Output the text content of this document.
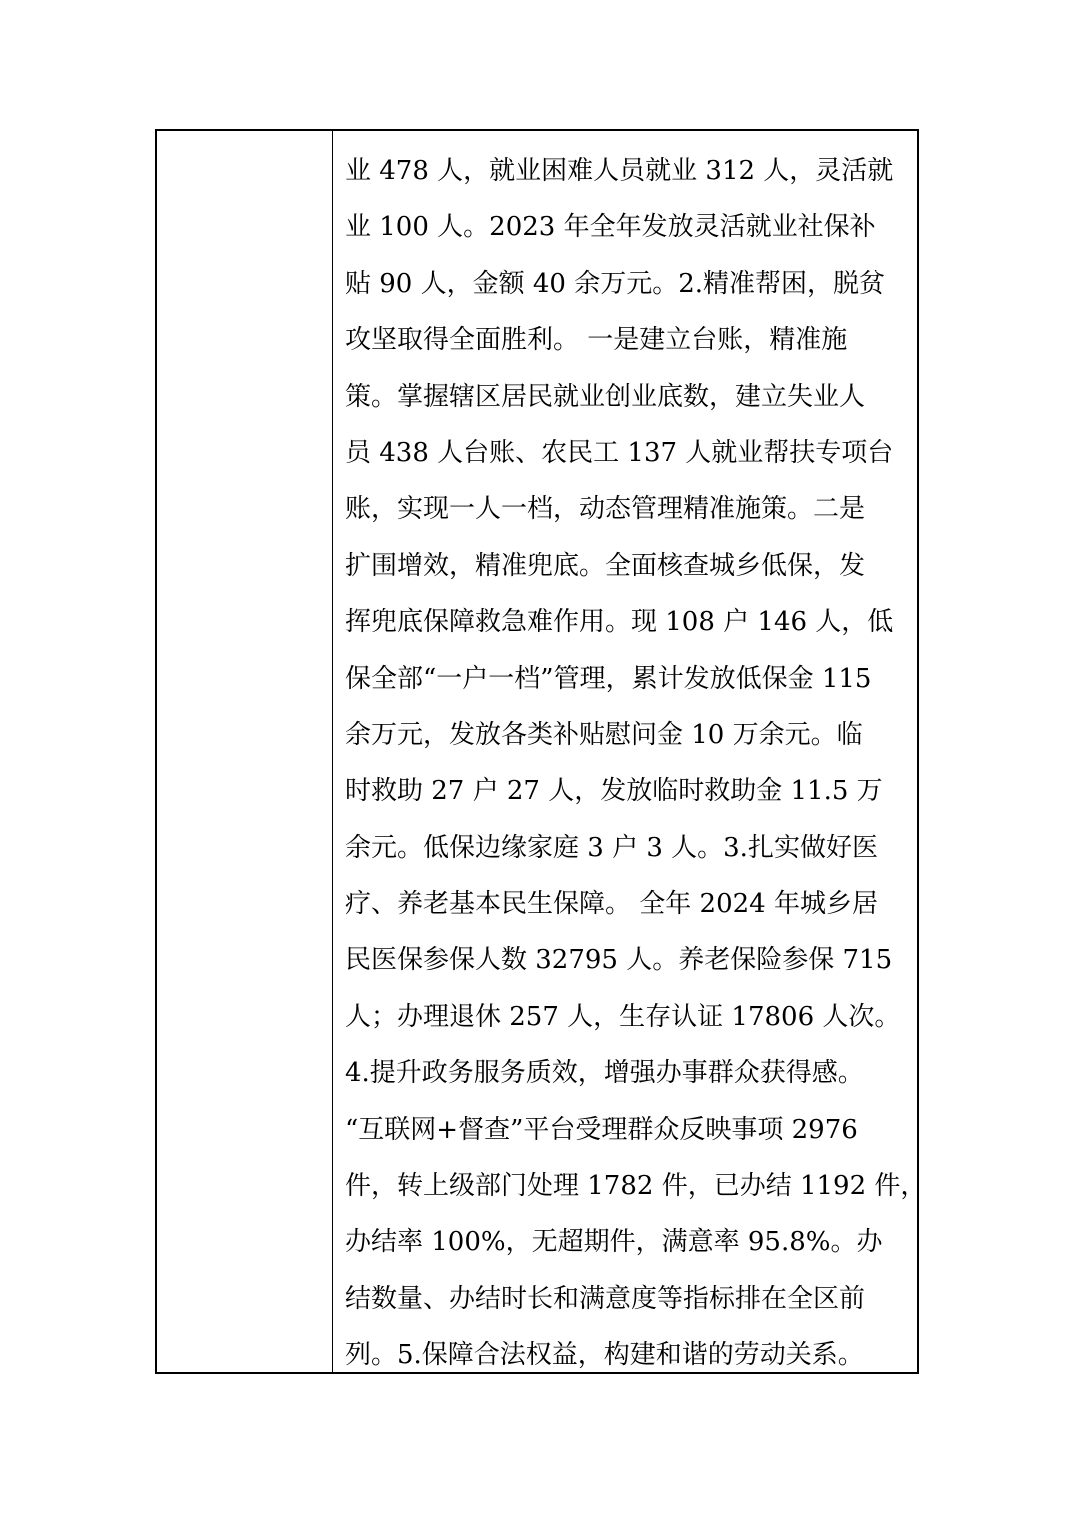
业 478 人，就业困难人员就业 312 人，灵活就
业 100 人。2023 年全年发放灵活就业社保补
贴 90 人，金额 40 余万元。2.精准帮困，脱贫
攻坚取得全面胜利。 一是建立台账，精准施
策。掌握辖区居民就业创业底数，建立失业人
员 438 人台账、农民工 137 人就业帮扶专项台
账，实现一人一档，动态管理精准施策。二是
扩围增效，精准兜底。全面核查城乡低保，发
挥兜底保障救急难作用。现 108 户 146 人，低
保全部“一户一档”管理，累计发放低保金 115
余万元，发放各类补贴慰问金 10 万余元。临
时救助 27 户 27 人，发放临时救助金 11.5 万
余元。低保边缘家庭 3 户 3 人。3.扎实做好医
疗、养老基本民生保障。 全年 2024 年城乡居
民医保参保人数 32795 人。养老保险参保 715
人；办理退休 257 人，生存认证 17806 人次。
4.提升政务服务质效，增强办事群众获得感。
“互联网+督查”平台受理群众反映事项 2976
件，转上级部门处理 1782 件，已办结 1192 件，
办结率 100%，无超期件，满意率 95.8%。办
结数量、办结时长和满意度等指标排在全区前
列。5.保障合法权益，构建和谐的劳动关系。
